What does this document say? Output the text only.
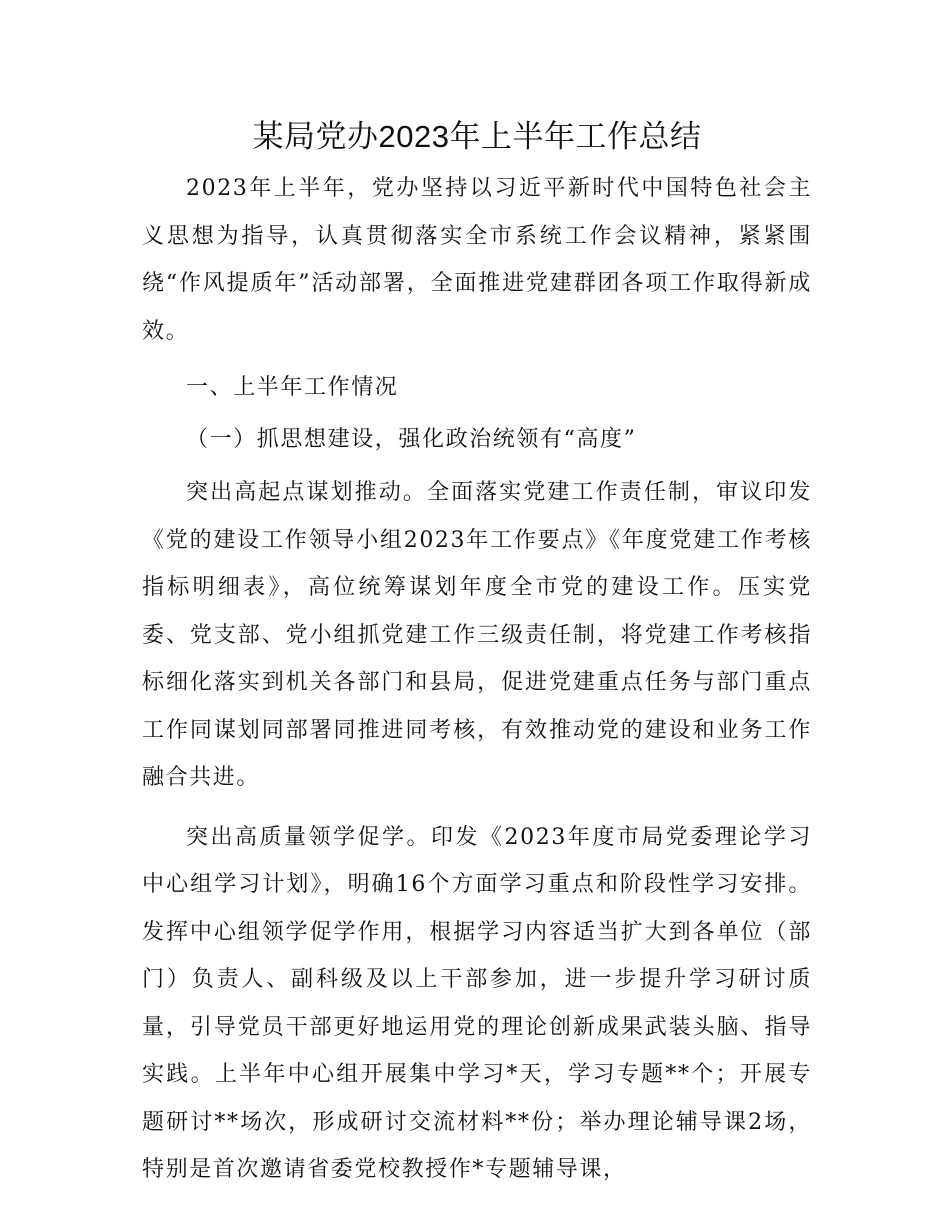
某局党办2023年上半年工作总结

2023年上半年，党办坚持以习近平新时代中国特色社会主义思想为指导，认真贯彻落实全市系统工作会议精神，紧紧围绕“作风提质年”活动部署，全面推进党建群团各项工作取得新成效。

一、上半年工作情况

（一）抓思想建设，强化政治统领有“高度”

突出高起点谋划推动。全面落实党建工作责任制，审议印发《党的建设工作领导小组2023年工作要点》《年度党建工作考核指标明细表》，高位统筹谋划年度全市党的建设工作。压实党委、党支部、党小组抓党建工作三级责任制，将党建工作考核指标细化落实到机关各部门和县局，促进党建重点任务与部门重点工作同谋划同部署同推进同考核，有效推动党的建设和业务工作融合共进。

突出高质量领学促学。印发《2023年度市局党委理论学习中心组学习计划》，明确16个方面学习重点和阶段性学习安排。发挥中心组领学促学作用，根据学习内容适当扩大到各单位（部门）负责人、副科级及以上干部参加，进一步提升学习研讨质量，引导党员干部更好地运用党的理论创新成果武装头脑、指导实践。上半年中心组开展集中学习*天，学习专题**个；开展专题研讨**场次，形成研讨交流材料**份；举办理论辅导课2场，特别是首次邀请省委党校教授作*专题辅导课，
